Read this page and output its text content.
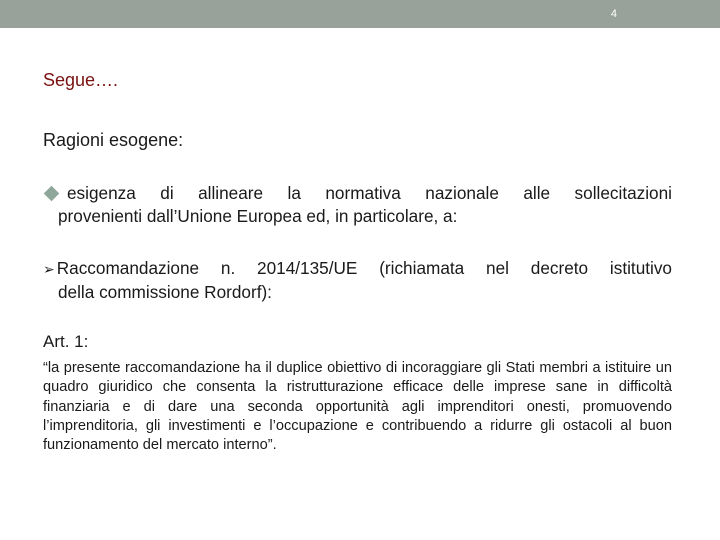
4
Segue….
Ragioni esogene:
esigenza di allineare la normativa nazionale alle sollecitazioni
provenienti dall’Unione Europea ed, in particolare, a:
➢ Raccomandazione n. 2014/135/UE (richiamata nel decreto istitutivo
della commissione Rordorf):
Art. 1:

“la presente raccomandazione ha il duplice obiettivo di incoraggiare gli Stati membri a istituire un quadro giuridico che consenta la ristrutturazione efficace delle imprese sane in difficoltà finanziaria e di dare una seconda opportunità agli imprenditori onesti, promuovendo l’imprenditoria, gli investimenti e l’occupazione e contribuendo a ridurre gli ostacoli al buon funzionamento del mercato interno”.
